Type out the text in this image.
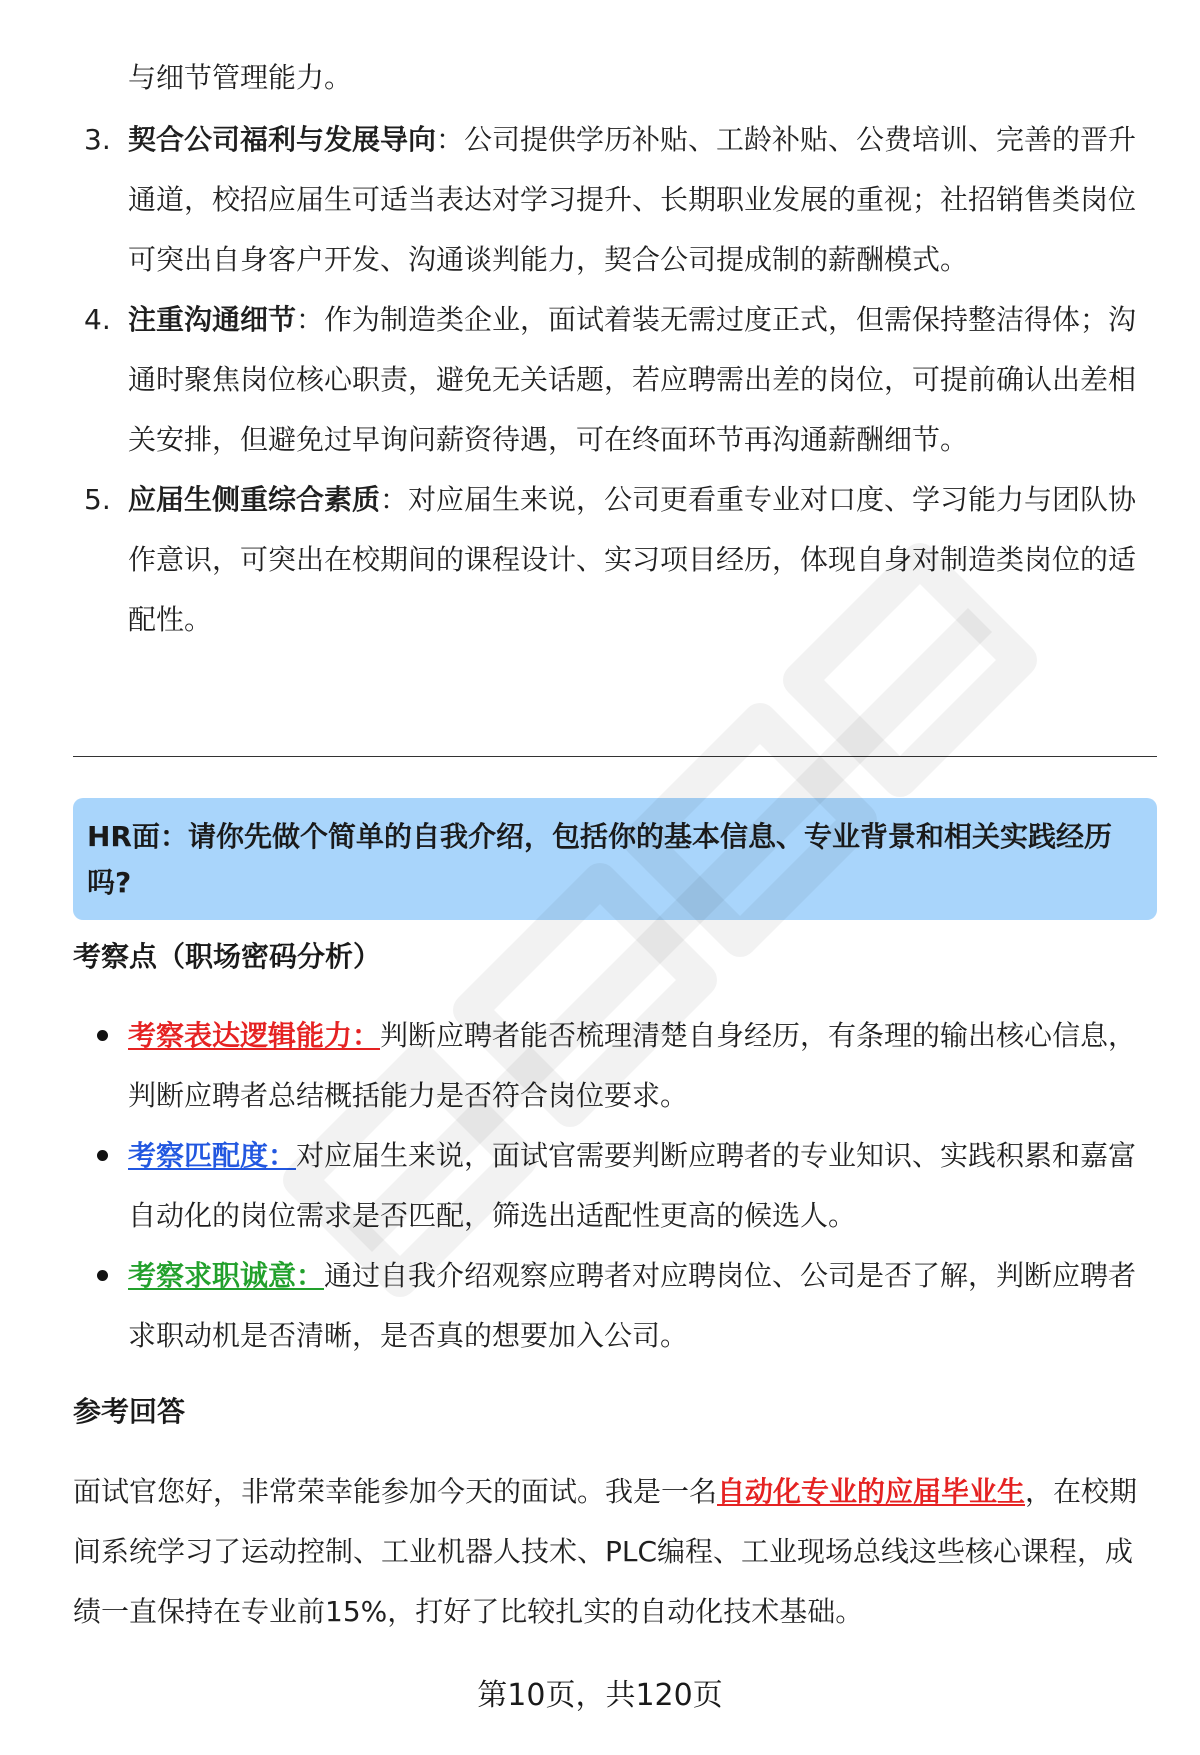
与细节管理能力。
3. 契合公司福利与发展导向：公司提供学历补贴、工龄补贴、公费培训、完善的晋升通道，校招应届生可适当表达对学习提升、长期职业发展的重视；社招销售类岗位可突出自身客户开发、沟通谈判能力，契合公司提成制的薪酬模式。
4. 注重沟通细节：作为制造类企业，面试着装无需过度正式，但需保持整洁得体；沟通时聚焦岗位核心职责，避免无关话题，若应聘需出差的岗位，可提前确认出差相关安排，但避免过早询问薪资待遇，可在终面环节再沟通薪酬细节。
5. 应届生侧重综合素质：对应届生来说，公司更看重专业对口度、学习能力与团队协作意识，可突出在校期间的课程设计、实习项目经历，体现自身对制造类岗位的适配性。
HR面：请你先做个简单的自我介绍，包括你的基本信息、专业背景和相关实践经历吗?
考察点（职场密码分析）
考察表达逻辑能力：判断应聘者能否梳理清楚自身经历，有条理的输出核心信息，判断应聘者总结概括能力是否符合岗位要求。
考察匹配度：对应届生来说，面试官需要判断应聘者的专业知识、实践积累和嘉富自动化的岗位需求是否匹配，筛选出适配性更高的候选人。
考察求职诚意：通过自我介绍观察应聘者对应聘岗位、公司是否了解，判断应聘者求职动机是否清晰，是否真的想要加入公司。
参考回答
面试官您好，非常荣幸能参加今天的面试。我是一名自动化专业的应届毕业生，在校期间系统学习了运动控制、工业机器人技术、PLC编程、工业现场总线这些核心课程，成绩一直保持在专业前15%，打好了比较扎实的自动化技术基础。
第10页，共120页
